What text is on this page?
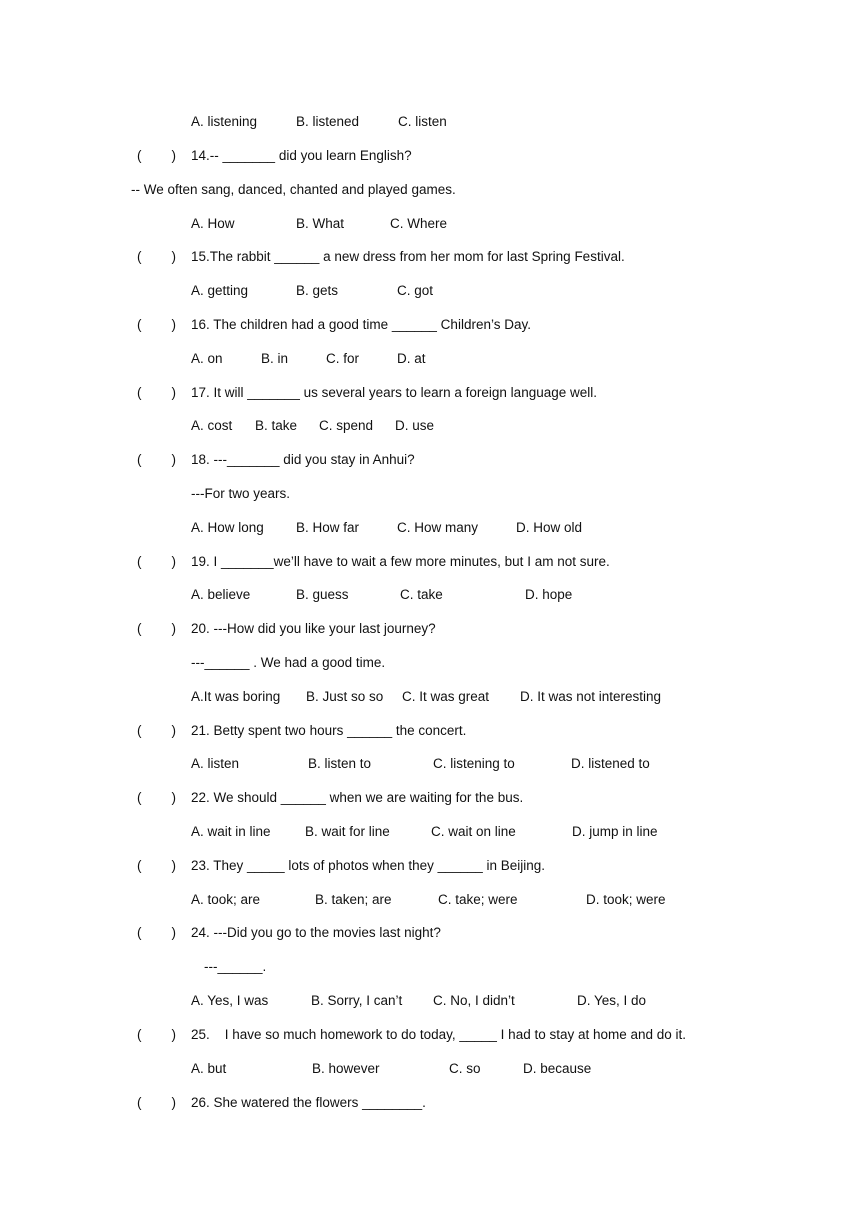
A. listening	B. listened	C. listen
(        ) 14.-- _______ did you learn English?
-- We often sang, danced, chanted and played games.
A. How	B. What	C. Where
(        ) 15.The rabbit ______ a new dress from her mom for last Spring Festival.
A. getting	B. gets	C. got
(        ) 16. The children had a good time ______ Children’s Day.
A. on	B. in	C. for	D. at
(        ) 17. It will _______ us several years to learn a foreign language well.
A. cost B. take C. spend D. use
(        ) 18. ---_______ did you stay in Anhui?
---For two years.
A. How long B. How far	C. How many	D. How old
(        ) 19. I _______we’ll have to wait a few more minutes, but I am not sure.
A. believe	B. guess	C. take	D. hope
(        ) 20. ---How did you like your last journey?
---______ . We had a good time.
A.It was boring B. Just so so C. It was great D. It was not interesting
(        ) 21. Betty spent two hours ______ the concert.
A. listen	B. listen to	C. listening to	D. listened to
(        ) 22. We should ______ when we are waiting for the bus.
A. wait in line	B. wait for line	C. wait on line	D. jump in line
(        ) 23. They _____ lots of photos when they ______ in Beijing.
A. took; are	B. taken; are	C. take; were	D. took; were
(        ) 24. ---Did you go to the movies last night?
---______.
A. Yes, I was	B. Sorry, I can’t C. No, I didn’t	D. Yes, I do
(        ) 25.    I have so much homework to do today, _____ I had to stay at home and do it.
A. but	B. however	C. so	D. because
(        ) 26. She watered the flowers ________.
